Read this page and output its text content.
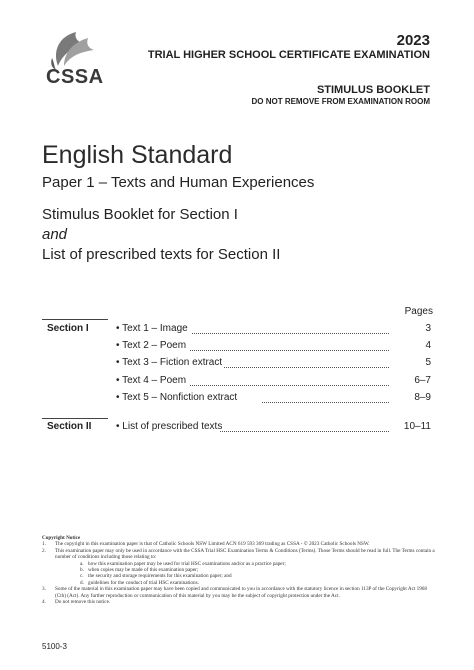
CSSA
2023
TRIAL HIGHER SCHOOL CERTIFICATE EXAMINATION
STIMULUS BOOKLET
DO NOT REMOVE FROM EXAMINATION ROOM
English Standard
Paper 1 – Texts and Human Experiences
Stimulus Booklet for Section I
and
List of prescribed texts for Section II
Pages
Section I	• Text 1 – Image	3
• Text 2 – Poem	4
• Text 3 – Fiction extract	5
• Text 4 – Poem	6–7
• Text 5 – Nonfiction extract	8–9
Section II • List of prescribed texts	10–11
Copyright Notice
1. The copyright in this examination paper is that of Catholic Schools NSW Limited ACN 619 593 369 trading as CSSA - © 2023 Catholic Schools NSW.
2. This examination paper may only be used in accordance with the CSSA Trial HSC Examination Terms & Conditions (Terms). Those Terms should be read in full. The Terms contain a number of conditions including those relating to:
a. how this examination paper may be used for trial HSC examinations and/or as a practice paper;
b. when copies may be made of this examination paper;
c. the security and storage requirements for this examination paper; and
d. guidelines for the conduct of trial HSC examinations.
3. Some of the material in this examination paper may have been copied and communicated to you in accordance with the statutory licence in section 113P of the Copyright Act 1968 (Cth) (Act). Any further reproduction or communication of this material by you may be the subject of copyright protection under the Act.
4. Do not remove this notice.
5100-3
